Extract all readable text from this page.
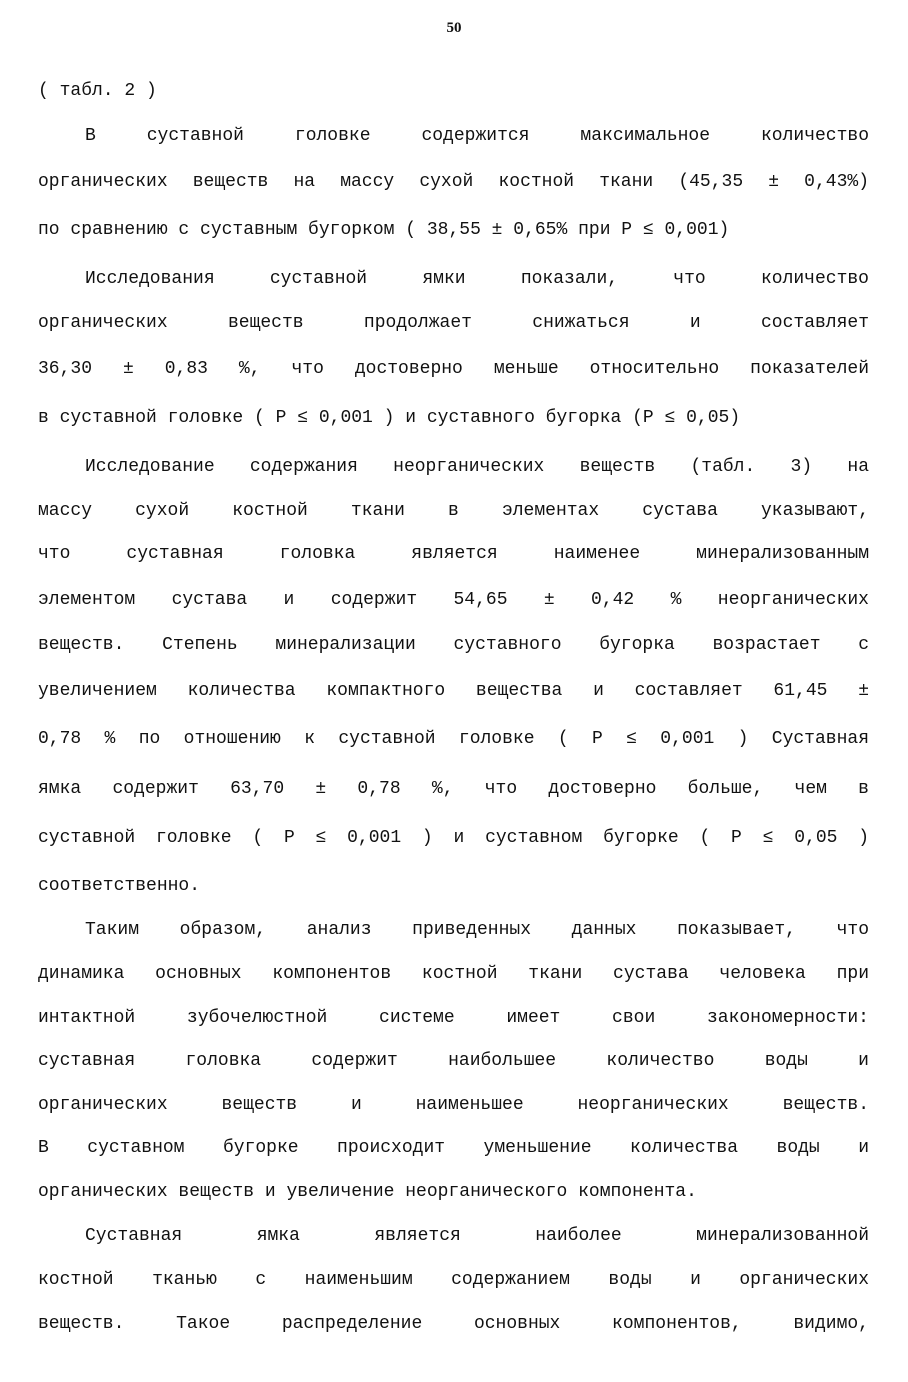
50
( табл. 2 )
В суставной головке содержится максимальное количество
органических веществ на массу сухой костной ткани (45,35 ± 0,43%)
по сравнению с суставным бугорком ( 38,55 ± 0,65% при P ≤ 0,001)
Исследования суставной ямки показали, что количество
органических веществ продолжает снижаться и составляет
36,30 ± 0,83 %, что достоверно меньше относительно показателей
в суставной головке ( P ≤ 0,001 ) и суставного бугорка (P ≤ 0,05)
Исследование содержания неорганических веществ (табл. 3) на
массу сухой костной ткани в элементах сустава указывают,
что суставная головка является наименее минерализованным
элементом сустава и содержит 54,65 ± 0,42 % неорганических
веществ. Степень минерализации суставного бугорка возрастает с
увеличением количества компактного вещества и составляет 61,45 ±
0,78 % по отношению к суставной головке ( P ≤ 0,001 ) Суставная
ямка содержит 63,70 ± 0,78 %, что достоверно больше, чем в
суставной головке ( P ≤ 0,001 ) и суставном бугорке ( P ≤ 0,05 )
соответственно.
Таким образом, анализ приведенных данных показывает, что
динамика основных компонентов костной ткани сустава человека при
интактной зубочелюстной системе имеет свои закономерности:
суставная головка содержит наибольшее количество воды и
органических веществ и наименьшее неорганических веществ.
В суставном бугорке происходит уменьшение количества воды и
органических веществ и увеличение неорганического компонента.
Суставная ямка является наиболее минерализованной
костной тканью с наименьшим содержанием воды и органических
веществ. Такое распределение основных компонентов, видимо,
